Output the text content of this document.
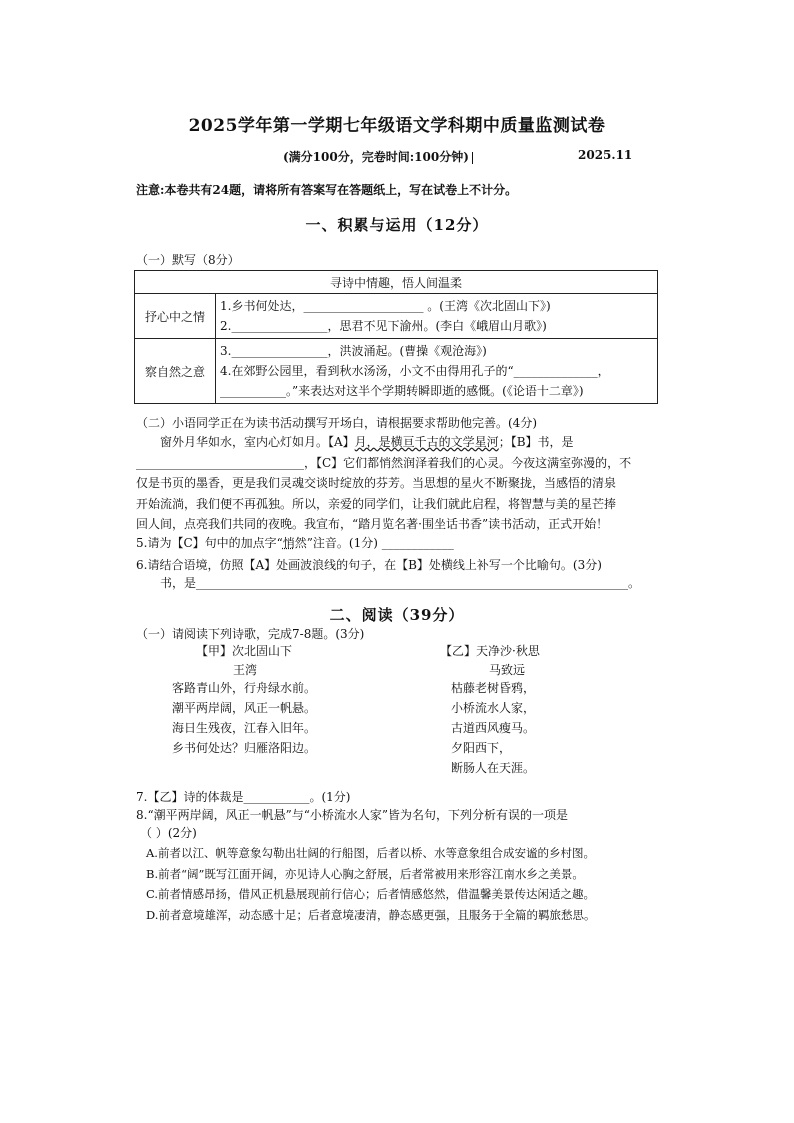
2025学年第一学期七年级语文学科期中质量监测试卷
(满分100分，完卷时间:100分钟)	2025.11
注意:本卷共有24题，请将所有答案写在答题纸上，写在试卷上不计分。
一、积累与运用（12分）
（一）默写（8分）
寻诗中情趣，悟人间温柔	
抒心中之情	1.乡书何处达，____________________ 。(王湾《次北固山下》)
2.________________，思君不见下渝州。(李白《峨眉山月歌》)

察自然之意	3.________________，洪波涌起。(曹操《观沧海》)
4.在郊野公园里，看到秋水汤汤，小文不由得用孔子的“______________，
___________。”来表达对这半个学期转瞬即逝的感慨。(《论语十二章》)
（二）小语同学正在为读书活动撰写开场白，请根据要求帮助他完善。(4分)

窗外月华如水，室内心灯如月。【A】月，是横亘千古的文学星河；【B】书，是

____________________________，【C】它们都悄然润泽着我们的心灵。今夜这满室弥漫的，不

仅是书页的墨香，更是我们灵魂交谈时绽放的芬芳。当思想的星火不断聚拢，当感悟的清泉

开始流淌，我们便不再孤独。所以，亲爱的同学们，让我们就此启程，将智慧与美的星芒捧

回人间，点亮我们共同的夜晚。我宣布，“踏月览名著·围坐话书香”读书活动，正式开始！

5.请为【C】句中的加点字“悄然”注音。(1分) ____________
6.请结合语境，仿照【A】处画波浪线的句子，在【B】处横线上补写一个比喻句。(3分)
书，是________________________________________________________________________。
二、阅读（39分）
（一）请阅读下列诗歌，完成7-8题。(3分)
【甲】次北固山下
王湾
客路青山外，行舟绿水前。
潮平两岸阔，风正一帆悬。
海日生残夜，江春入旧年。
乡书何处达？归雁洛阳边。
【乙】天净沙·秋思
马致远
枯藤老树昏鸦，
小桥流水人家，
古道西风瘦马。
夕阳西下，
断肠人在天涯。
7.【乙】诗的体裁是___________。(1分)
8.“潮平两岸阔，风正一帆悬”与“小桥流水人家”皆为名句，下列分析有误的一项是
（ ）(2分)
A.前者以江、帆等意象勾勒出壮阔的行船图，后者以桥、水等意象组合成安谧的乡村图。
B.前者“阔”既写江面开阔，亦见诗人心胸之舒展，后者常被用来形容江南水乡之美景。
C.前者情感昂扬，借风正机悬展现前行信心；后者情感悠然，借温馨美景传达闲适之趣。
D.前者意境雄浑，动态感十足；后者意境凄清，静态感更强，且服务于全篇的羁旅愁思。
